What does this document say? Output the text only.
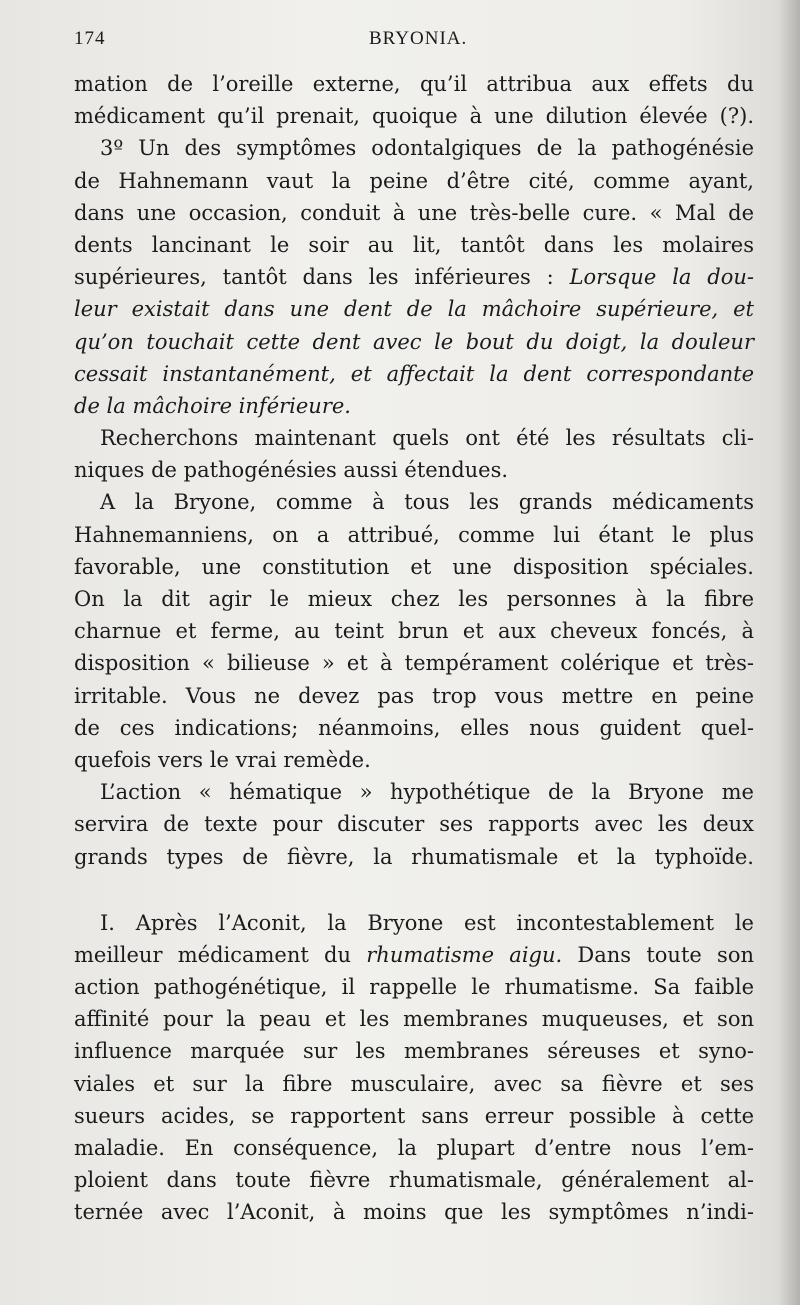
174	BRYONIA.
mation de l’oreille externe, qu’il attribua aux effets du
médicament qu’il prenait, quoique à une dilution élevée (?).
3º Un des symptômes odontalgiques de la pathogénésie
de Hahnemann vaut la peine d’être cité, comme ayant,
dans une occasion, conduit à une très-belle cure. « Mal de
dents lancinant le soir au lit, tantôt dans les molaires
supérieures, tantôt dans les inférieures : Lorsque la dou-
leur existait dans une dent de la mâchoire supérieure, et
qu’on touchait cette dent avec le bout du doigt, la douleur
cessait instantanément, et affectait la dent correspondante
de la mâchoire inférieure.
Recherchons maintenant quels ont été les résultats cli-
niques de pathogénésies aussi étendues.
A la Bryone, comme à tous les grands médicaments
Hahnemanniens, on a attribué, comme lui étant le plus
favorable, une constitution et une disposition spéciales.
On la dit agir le mieux chez les personnes à la fibre
charnue et ferme, au teint brun et aux cheveux foncés, à
disposition « bilieuse » et à tempérament colérique et très-
irritable. Vous ne devez pas trop vous mettre en peine
de ces indications; néanmoins, elles nous guident quel-
quefois vers le vrai remède.
L’action « hématique » hypothétique de la Bryone me
servira de texte pour discuter ses rapports avec les deux
grands types de fièvre, la rhumatismale et la typhoïde.
I. Après l’Aconit, la Bryone est incontestablement le
meilleur médicament du rhumatisme aigu. Dans toute son
action pathogénétique, il rappelle le rhumatisme. Sa faible
affinité pour la peau et les membranes muqueuses, et son
influence marquée sur les membranes séreuses et syno-
viales et sur la fibre musculaire, avec sa fièvre et ses
sueurs acides, se rapportent sans erreur possible à cette
maladie. En conséquence, la plupart d’entre nous l’em-
ploient dans toute fièvre rhumatismale, généralement al-
ternée avec l’Aconit, à moins que les symptômes n’indi-
